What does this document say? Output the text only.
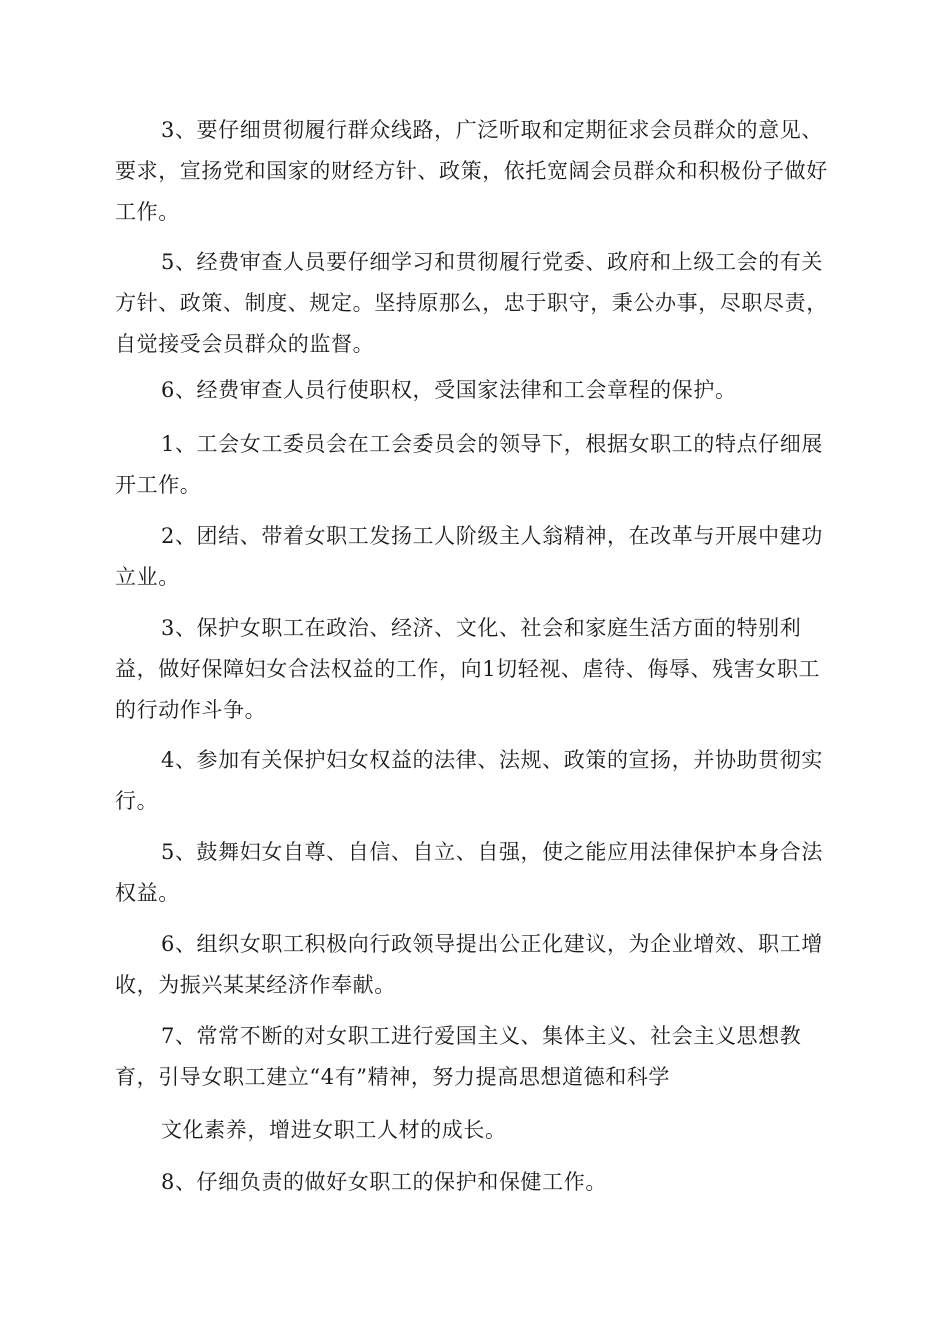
3、要仔细贯彻履行群众线路，广泛听取和定期征求会员群众的意见、要求，宣扬党和国家的财经方针、政策，依托宽阔会员群众和积极份子做好工作。

5、经费审查人员要仔细学习和贯彻履行党委、政府和上级工会的有关方针、政策、制度、规定。坚持原那么，忠于职守，秉公办事，尽职尽责，自觉接受会员群众的监督。

6、经费审查人员行使职权，受国家法律和工会章程的保护。

1、工会女工委员会在工会委员会的领导下，根据女职工的特点仔细展开工作。

2、团结、带着女职工发扬工人阶级主人翁精神，在改革与开展中建功立业。

3、保护女职工在政治、经济、文化、社会和家庭生活方面的特别利益，做好保障妇女合法权益的工作，向1切轻视、虐待、侮辱、残害女职工的行动作斗争。

4、参加有关保护妇女权益的法律、法规、政策的宣扬，并协助贯彻实行。

5、鼓舞妇女自尊、自信、自立、自强，使之能应用法律保护本身合法权益。

6、组织女职工积极向行政领导提出公正化建议，为企业增效、职工增收，为振兴某某经济作奉献。

7、常常不断的对女职工进行爱国主义、集体主义、社会主义思想教育，引导女职工建立“4有”精神，努力提高思想道德和科学

文化素养，增进女职工人材的成长。

8、仔细负责的做好女职工的保护和保健工作。
